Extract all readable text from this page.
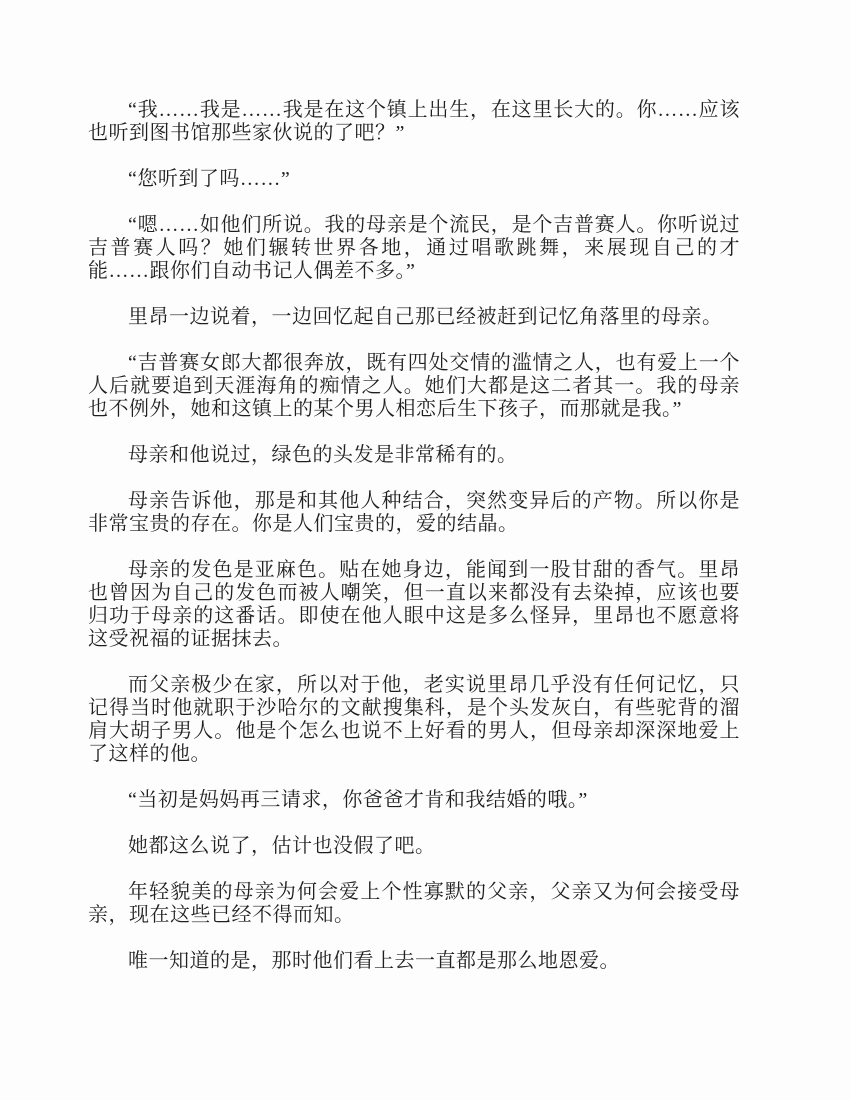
“我……我是……我是在这个镇上出生，在这里长大的。你……应该也听到图书馆那些家伙说的了吧？”

“您听到了吗……”

“嗯……如他们所说。我的母亲是个流民，是个吉普赛人。你听说过吉普赛人吗？她们辗转世界各地，通过唱歌跳舞，来展现自己的才能……跟你们自动书记人偶差不多。”

里昂一边说着，一边回忆起自己那已经被赶到记忆角落里的母亲。

“吉普赛女郎大都很奔放，既有四处交情的滥情之人，也有爱上一个人后就要追到天涯海角的痴情之人。她们大都是这二者其一。我的母亲也不例外，她和这镇上的某个男人相恋后生下孩子，而那就是我。”

母亲和他说过，绿色的头发是非常稀有的。

母亲告诉他，那是和其他人种结合，突然变异后的产物。所以你是非常宝贵的存在。你是人们宝贵的，爱的结晶。

母亲的发色是亚麻色。贴在她身边，能闻到一股甘甜的香气。里昂也曾因为自己的发色而被人嘲笑，但一直以来都没有去染掉，应该也要归功于母亲的这番话。即使在他人眼中这是多么怪异，里昂也不愿意将这受祝福的证据抹去。

而父亲极少在家，所以对于他，老实说里昂几乎没有任何记忆，只记得当时他就职于沙哈尔的文献搜集科，是个头发灰白，有些驼背的溜肩大胡子男人。他是个怎么也说不上好看的男人，但母亲却深深地爱上了这样的他。

“当初是妈妈再三请求，你爸爸才肯和我结婚的哦。”

她都这么说了，估计也没假了吧。

年轻貌美的母亲为何会爱上个性寡默的父亲，父亲又为何会接受母亲，现在这些已经不得而知。

唯一知道的是，那时他们看上去一直都是那么地恩爱。
